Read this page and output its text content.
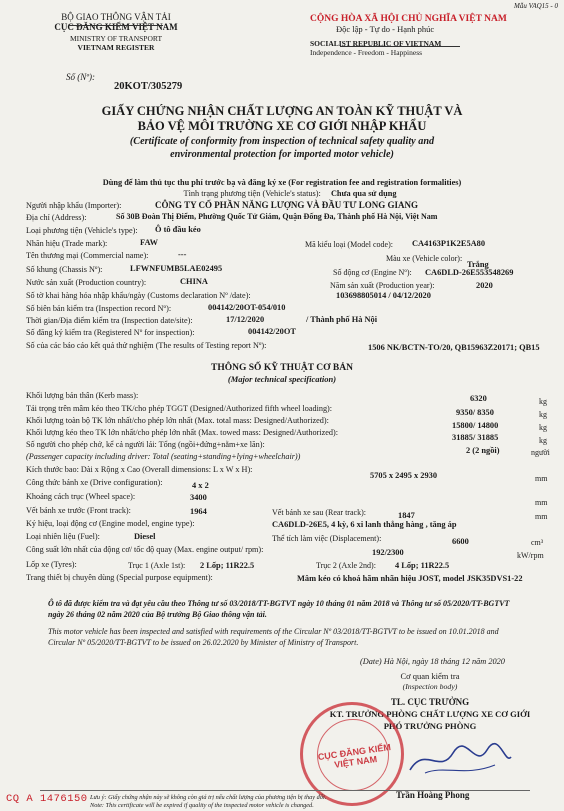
Mẫu VAQ15 - 0
BỘ GIAO THÔNG VẬN TẢI
CỤC ĐĂNG KIỂM VIỆT NAM
MINISTRY OF TRANSPORT
VIETNAM REGISTER
CỘNG HÒA XÃ HỘI CHỦ NGHĨA VIỆT NAM
Độc lập - Tự do - Hạnh phúc
SOCIALIST REPUBLIC OF VIETNAM
Independence - Freedom - Happiness
Số (Nº):
20KOT/305279
GIẤY CHỨNG NHẬN CHẤT LƯỢNG AN TOÀN KỸ THUẬT VÀ
BẢO VỆ MÔI TRƯỜNG XE CƠ GIỚI NHẬP KHẨU
(Certificate of conformity from inspection of technical safety quality and
environmental protection for imported motor vehicle)
Dùng để làm thủ tục thu phí trước bạ và đăng ký xe (For registration fee and registration formalities)
Tình trạng phương tiện (Vehicle's status): Chưa qua sử dụng
Người nhập khẩu (Importer):	CÔNG TY CỔ PHẦN NĂNG LƯỢNG VÀ ĐẦU TƯ LONG GIANG
Địa chỉ (Address):	Số 30B Đoàn Thị Điểm, Phường Quốc Tử Giám, Quận Đống Đa, Thành phố Hà Nội, Việt Nam
Loại phương tiện (Vehicle's type): Ô tô đầu kéo
Nhãn hiệu (Trade mark):	FAW	Mã kiểu loại (Model code): CA4163P1K2E5A80
Tên thương mại (Commercial name):	---	Màu xe (Vehicle color):
Trắng
Số khung (Chassis Nº):	LFWNFUMB5LAE02495	Số động cơ (Engine Nº): CA6DLD-26E553548269
Nước sản xuất (Production country):	CHINA	Năm sản xuất (Production year):	2020
Số tờ khai hàng hóa nhập khẩu/ngày (Customs declaration Nº /date):	103698805014 / 04/12/2020
Số biên bản kiểm tra (Inspection record Nº):	004142/20OT-054/010
Thời gian/Địa điểm kiểm tra (Inspection date/site):	17/12/2020	/ Thành phố Hà Nội
Số đăng ký kiểm tra (Registered Nº for inspection):	004142/20OT
Số của các báo cáo kết quả thử nghiệm (The results of Testing report Nº):	1506 NK/BCTN-TO/20, QB15963Z20171; QB15
THÔNG SỐ KỸ THUẬT CƠ BẢN
(Major technical specification)
Khối lượng bản thân (Kerb mass):	6320	kg
Tải trọng trên mâm kéo theo TK/cho phép TGGT (Designed/Authorized fifth wheel loading):	9350/ 8350	kg
Khối lượng toàn bộ TK lớn nhất/cho phép lớn nhất (Max. total mass: Designed/Authorized):
15800/ 14800	kg
Khối lượng kéo theo TK lớn nhất/cho phép lớn nhất (Max. towed mass: Designed/Authorized):
31885/ 31885	kg
Số người cho phép chở, kể cả người lái: Tổng (ngồi+đứng+nằm+xe lăn):
(Passenger capacity including driver: Total (seating+standing+lying+wheelchair))
2 (2 ngồi)	người
Kích thước bao: Dài x Rộng x Cao (Overall dimensions: L x W x H):
5705 x 2495 x 2930	mm
Công thức bánh xe (Drive configuration):	4 x 2
Khoảng cách trục (Wheel space):	3400
mm
Vết bánh xe trước (Front track):	1964	Vết bánh xe sau (Rear track):	1847	mm
Ký hiệu, loại động cơ (Engine model, engine type):	CA6DLD-26E5, 4 kỳ, 6 xi lanh thẳng hàng , tăng áp
Loại nhiên liệu (Fuel):	Diesel	Thể tích làm việc (Displacement):	6600	cm³
Công suất lớn nhất của động cơ/ tốc độ quay (Max. engine output/ rpm):	192/2300	kW/rpm
Lốp xe (Tyres):	Trục 1 (Axle 1st): 2 Lốp; 11R22.5	Trục 2 (Axle 2nd): 4 Lốp; 11R22.5
Trang thiết bị chuyên dùng (Special purpose equipment):	Mâm kéo có khoá hãm nhãn hiệu JOST, model JSK35DVS1-22
Ô tô đã được kiểm tra và đạt yêu cầu theo Thông tư số 03/2018/TT-BGTVT ngày 10 tháng 01 năm 2018 và Thông tư số 05/2020/TT-BGTVT ngày 26 tháng 02 năm 2020 của Bộ trưởng Bộ Giao thông vận tải.
This motor vehicle has been inspected and satisfied with requirements of the Circular Nº 03/2018/TT-BGTVT to be issued on 10.01.2018 and Circular Nº 05/2020/TT-BGTVT to be issued on 26.02.2020 by Minister of Ministry of Transport.
(Date) Hà Nội, ngày 18 tháng 12 năm 2020
Cơ quan kiểm tra
(Inspection body)
TL. CỤC TRƯỞNG
KT. TRƯỞNG PHÒNG CHẤT LƯỢNG XE CƠ GIỚI
PHÓ TRƯỞNG PHÒNG
CỤC ĐĂNG KIỂM VIỆT NAM
Trần Hoàng Phong
CQ A 1476150 Lưu ý: Giấy chứng nhận này sẽ không còn giá trị nếu chất lượng của phương tiện bị thay đổi.
Note: This certificate will be expired if quality of the inspected motor vehicle is changed.
